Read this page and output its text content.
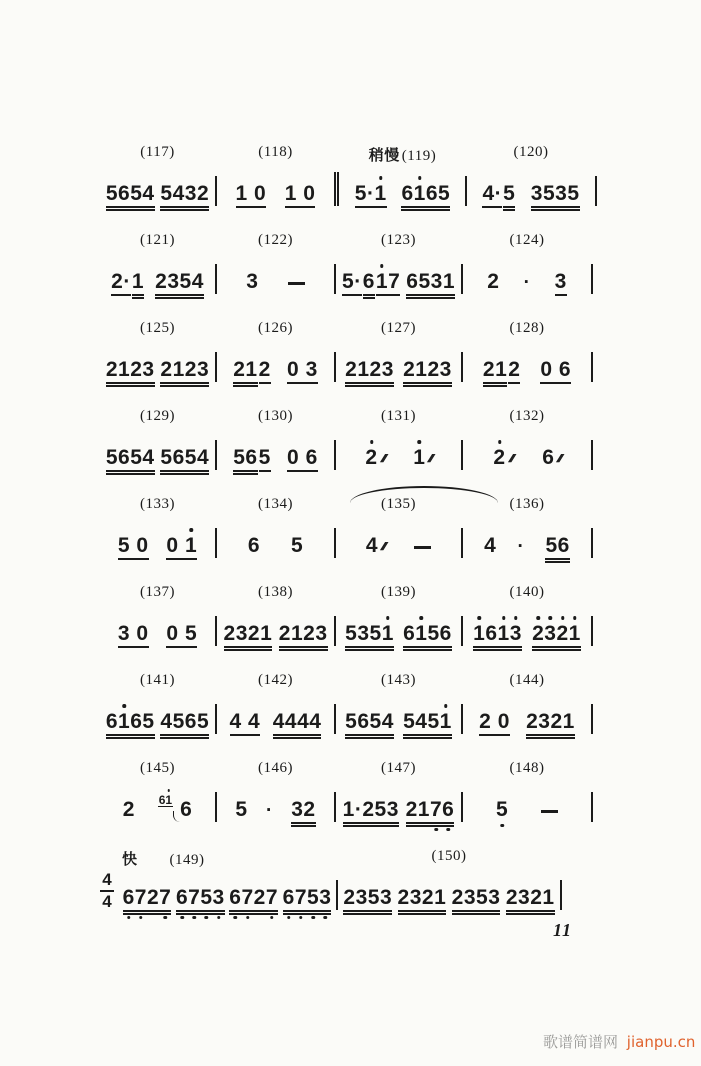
(117)
5654 5432
(118)
1 0 1 0
稍慢 (119)
5·1 61
65
(120)
4· 5 3535
(121)
2· 1 2354
(122)
3
(123)
5· 6 1
7 6531
(124)
2 · 3
(125)
2123 2123
(126)
21 2 0 3
(127)
2123 2123
(128)
21 2 0 6
(129)
5654 5654
(130)
56 5 0 6
(131)
2 /// 1 ///
(132)
2 /// 6 ///
(133)
5 0 0 1
(134)
6 5
(135)
4 ///
(136)
4 · 56
(137)
3 0 0 5
(138)
2321 2123
(139)
5351 61
56
(140)
1
61
3 2
3
2
1
(141)
61
65 4565
(142)
4 4 4444
(143)
5654 5451
(144)
2 0 2321
(145)
2 61 6
(146)
5 · 32
(147)
1·253 217
6
(148)
5
4
4
快 (149)
6
7
27 6
7
5
3 6
7
27 6
7
5
3
(150)
2353 2321 2353 2321
11
歌谱简谱网 jianpu.cn
